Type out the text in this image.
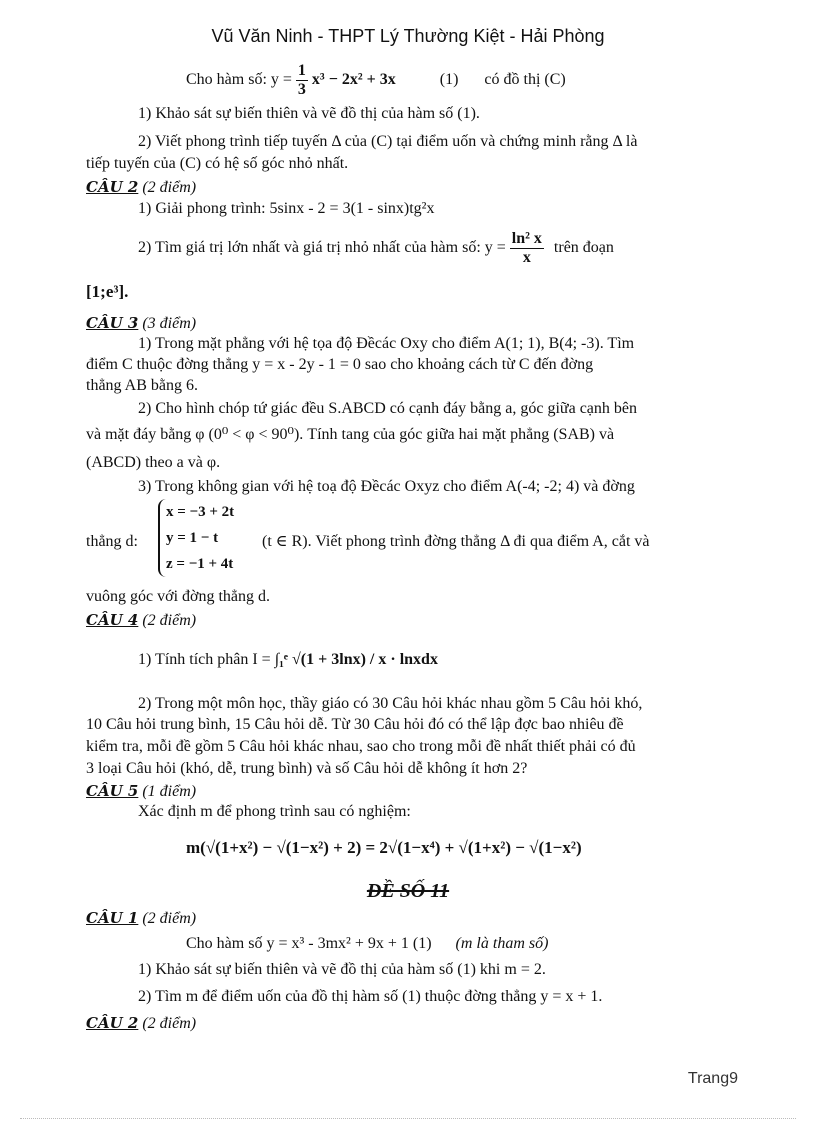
Vũ Văn Ninh - THPT Lý Thường Kiệt - Hải Phòng
Cho hàm số: $y = \frac{1}{3} x^3 - 2x^2 + 3x$	(1) có đồ thị (C)
1) Khảo sát sự biến thiên và vẽ đồ thị của hàm số (1).
2) Viết phong trình tiếp tuyến Δ của (C) tại điểm uốn và chứng minh rằng Δ là
tiếp tuyến của (C) có hệ số góc nhỏ nhất.
CÂU 2 (2 điểm)
1) Giải phong trình: 5sinx - 2 = 3(1 - sinx)tg²x
2) Tìm giá trị lớn nhất và giá trị nhỏ nhất của hàm số: $y = \frac{\text{ln² x}}{x}$ trên đoạn
[1;e³].
CÂU 3 (3 điểm)
1) Trong mặt phẳng với hệ tọa độ Đềcác Oxy cho điểm A(1; 1), B(4; -3). Tìm
điểm C thuộc đờng thẳng y = x - 2y - 1 = 0 sao cho khoảng cách từ C đến đờng
thẳng AB bằng 6.
2) Cho hình chóp tứ giác đều S.ABCD có cạnh đáy bằng a, góc giữa cạnh bên
và mặt đáy bằng φ (0⁰ < φ < 90⁰). Tính tang của góc giữa hai mặt phẳng (SAB) và
(ABCD) theo a và φ.
3) Trong không gian với hệ toạ độ Đềcác Oxyz cho điểm A(-4; -2; 4) và đờng
thẳng d:
x = −3 + 2t
y = 1 − t
z = −1 + 4t
(t ∈ R). Viết phong trình đờng thẳng Δ đi qua điểm A, cắt và
vuông góc với đờng thẳng d.
CÂU 4 (2 điểm)
1) Tính tích phân I = ∫₁ᵉ √(1 + 3lnx) / x · lnxdx
2) Trong một môn học, thầy giáo có 30 Câu hỏi khác nhau gồm 5 Câu hỏi khó,
10 Câu hỏi trung bình, 15 Câu hỏi dễ. Từ 30 Câu hỏi đó có thể lập đợc bao nhiêu đề
kiểm tra, mỗi đề gồm 5 Câu hỏi khác nhau, sao cho trong mỗi đề nhất thiết phải có đủ
3 loại Câu hỏi (khó, dễ, trung bình) và số Câu hỏi dễ không ít hơn 2?
CÂU 5 (1 điểm)
Xác định m để phong trình sau có nghiệm:
m(√(1+x²) − √(1−x²) + 2) = 2√(1−x⁴) + √(1+x²) − √(1−x²)
ĐỀ SỐ 11
CÂU 1 (2 điểm)
Cho hàm số y = x³ - 3mx² + 9x + 1 (1) (m là tham số)
1) Khảo sát sự biến thiên và vẽ đồ thị của hàm số (1) khi m = 2.
2) Tìm m để điểm uốn của đồ thị hàm số (1) thuộc đờng thẳng y = x + 1.
CÂU 2 (2 điểm)
Trang9
